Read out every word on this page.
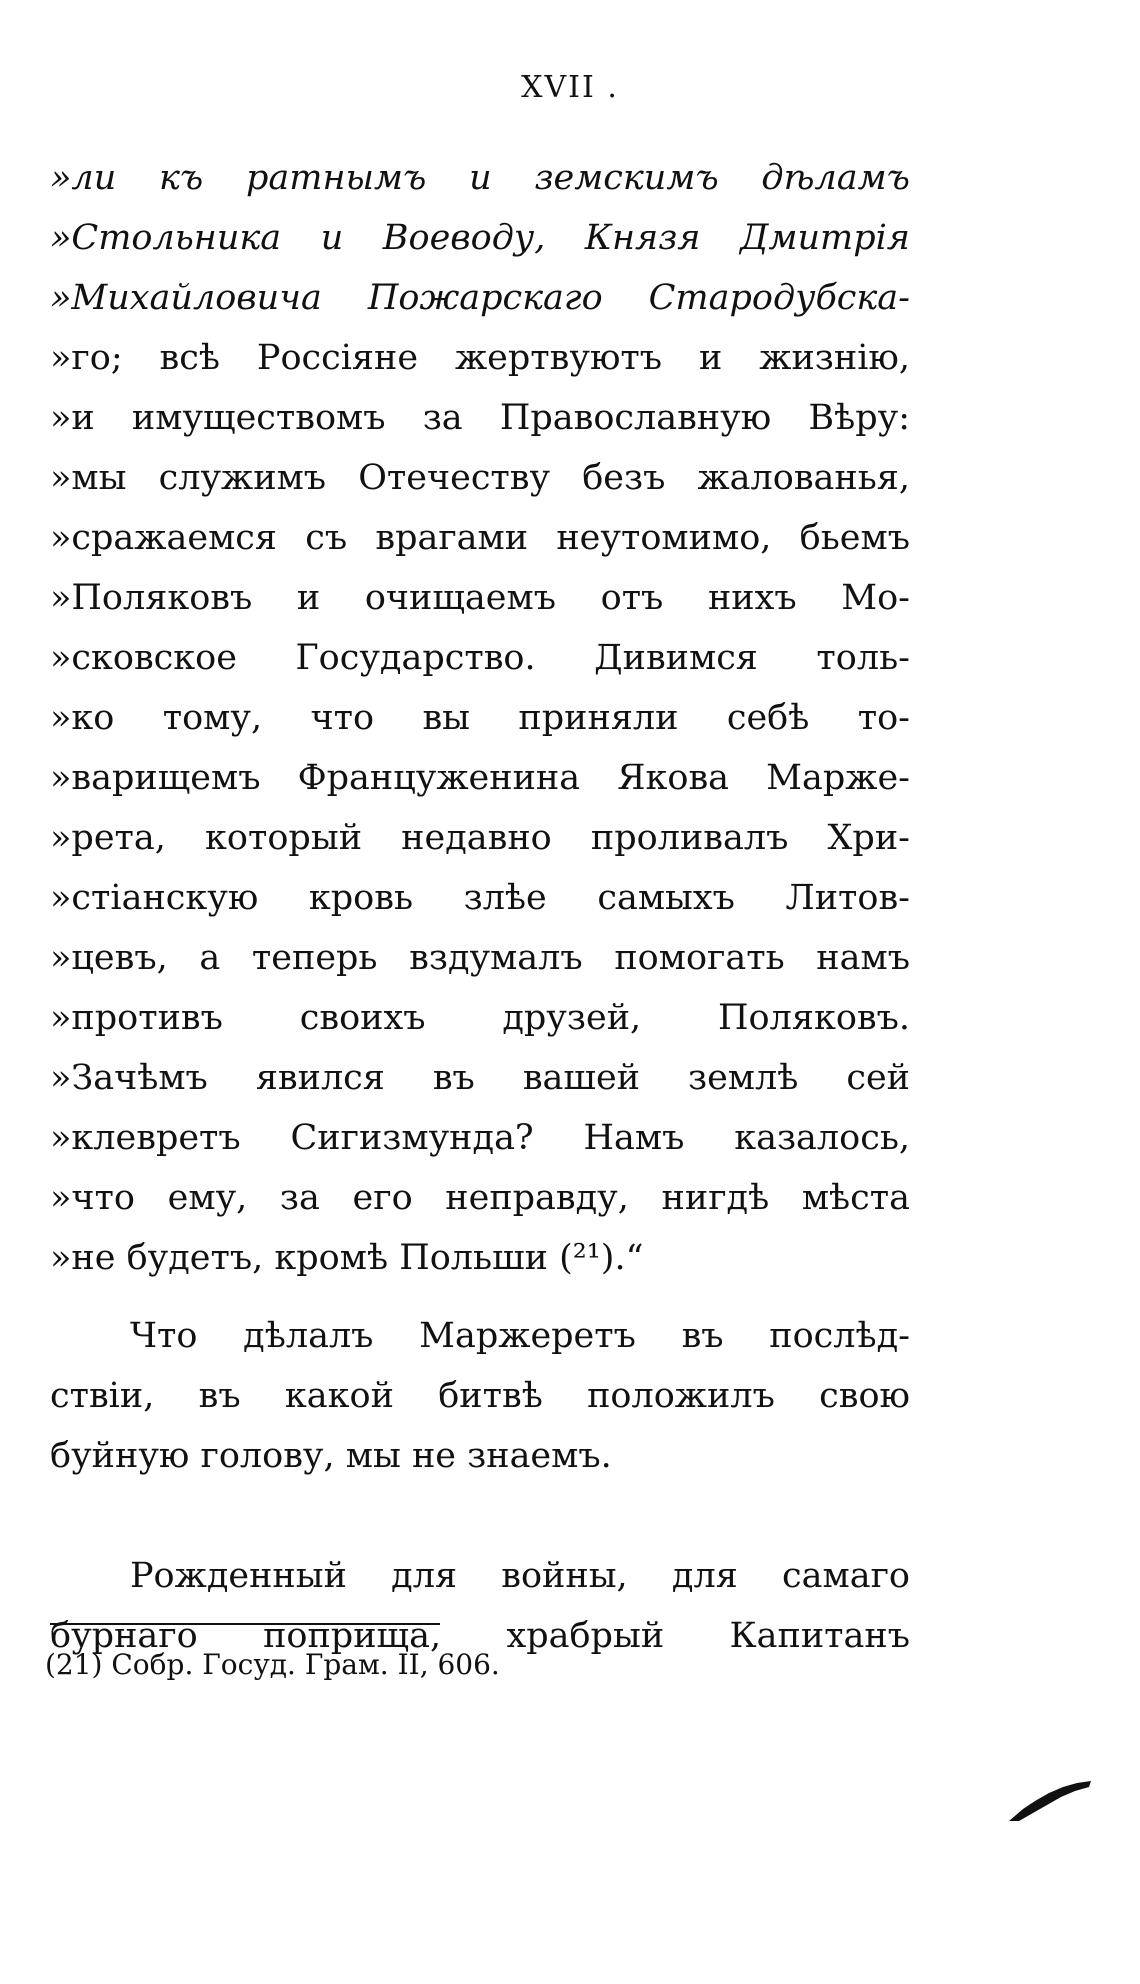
XVII .
»ли къ ратнымъ и земскимъ дѣламъ
»Стольника и Воеводу, Князя Дмитрія
»Михайловича Пожарскаго Стародубска-
»го; всѣ Россіяне жертвуютъ и жизнію,
»и имуществомъ за Православную Вѣру:
»мы служимъ Отечеству безъ жалованья,
»сражаемся съ врагами неутомимо, бьемъ
»Поляковъ и очищаемъ отъ нихъ Мо-
»сковское Государство. Дивимся толь-
»ко тому, что вы приняли себѣ то-
»варищемъ Француженина Якова Марже-
»рета, который недавно проливалъ Хри-
»стіанскую кровь злѣе самыхъ Литов-
»цевъ, а теперь вздумалъ помогать намъ
»противъ своихъ друзей, Поляковъ.
»Зачѣмъ явился въ вашей землѣ сей
»клевретъ Сигизмунда? Намъ казалось,
»что ему, за его неправду, нигдѣ мѣста
»не будетъ, кромѣ Польши (²¹).“
Что дѣлалъ Маржеретъ въ послѣд-
ствіи, въ какой битвѣ положилъ свою
буйную голову, мы не знаемъ.
Рожденный для войны, для самаго
бурнаго поприща, храбрый Капитанъ
(21) Собр. Госуд. Грам. II, 606.
